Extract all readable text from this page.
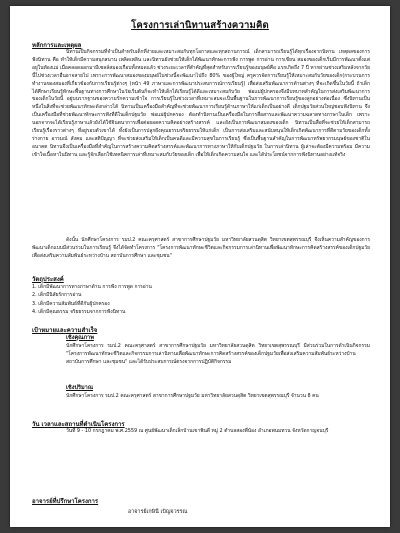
โครงการเล่านิทานสร้างความคิด
หลักการและเหตุผล
นิทานเป็นกิจกรรมที่จำเป็นสำหรับเด็กที่ง่ายและเหมาะสมกับทุกโอกาสและทุกสถานการณ์ เด็กสามารถเรียนรู้ได้ทุกเรื่องจากนิทาน เหตุผลของการฟังนิทาน คือ ทำให้เด็กมีความสนุกสนาน เพลิดเพลิน และนิทานยังช่วยให้เด็กได้พัฒนาทักษะการฟัง การพูด การอ่าน การเขียน สมองของเด็กเริ่มมีการพัฒนาตั้งแต่อยู่ในท้องแม่ เมื่อคลอดออกมามีเซลล์สมองเกือบทั้งหมดแล้ว ช่วงระยะเวลาที่สำคัญที่สุดสำหรับการเรียนรู้ของมนุษย์คือ แรกเกิดถึง 7 ปี หากผ่านช่วงเสริมหลังจากวัยนี้ไปช่วงเวลาอื่นอาจสายไป เพราะการพัฒนาสมองของมนุษย์ในช่วงนี้จะพัฒนาไปถึง 80% ของผู้ใหญ่ ครูควรจัดการเรียนรู้ให้เหมาะสมกับวัยของเด็ก(กระบวนการทำงานของสมองที่เกี่ยวข้องกับการเรียนรู้ต่างๆ (หน้า 49 ภาษาและการพัฒนาประสบการณ์การเรียนรู้) เพื่อส่งเสริมพัฒนาการด้านต่างๆ ที่จะเกิดขึ้นในวัยนี้ ถ้าเด็กได้ศึกษาเรียนรู้ทักษะพื้นฐานทางการศึกษาในวัยเริ่มต้นก็จะทำให้เด็กได้เรียนรู้ได้ดีและเหมาะสมกับวัย พ่อแม่ผู้ปกครองจึงมีบทบาทสำคัญในการส่งเสริมพัฒนาการของเด็กในวัยนี้ อยู่บนรากฐานของความรักความเข้าใจ การเรียนรู้ในช่วงเวลาที่เหมาะสมจะเป็นพื้นฐานในการพัฒนาการเรียนรู้ของลูกอย่างต่อเนื่อง ซึ่งนิทานเป็นหนึ่งในสิ่งที่จะช่วยพัฒนาทักษะดังกล่าวได้ นิทานเป็นเครื่องมือสำคัญที่จะช่วยพัฒนาการเรียนรู้ด้านภาษาให้แก่เด็กเป็นอย่างดี เด็กปฐมวัยส่วนใหญ่ชอบฟังนิทาน จึงเป็นเครื่องมือที่ช่วยพัฒนาทักษะการฟังที่ดีในเด็กปฐมวัย พ่อแม่ผู้ปกครอง ต้องทำนิทานเป็นเครื่องมือในการสื่อสารและพัฒนาความฉลาดทางภาษาในเด็ก เพราะนอกจากจะได้เรียนรู้ภาษาแล้วยังได้ใช้จินตนาการเพื่อต่อยอดความคิดอย่างสร้างสรรค์ และยังเป็นการพัฒนาสมองของเด็ก นิทานเป็นสื่อที่จะช่วยให้เด็กสามารถเรียนรู้เรื่องราวต่างๆ ที่อยู่รอบตัวเขาได้ ทั้งยังเป็นการปลูกฝังคุณธรรมจริยธรรมให้แก่เด็ก เป็นการส่งเสริมและสนับสนุนให้เด็กเกิดพัฒนาการที่ดีตามวัยของเด็กทั้งร่างกาย อารมณ์ สังคม และสติปัญญา ที่จะช่วยส่งเสริมให้เด็กเป็นคนดีและมีความสุขในการเรียนรู้ ซึ่งเป็นพื้นฐานสำคัญในการพัฒนาทรัพยากรมนุษย์ของชาติในอนาคต นิทานจึงเป็นเครื่องมือที่สำคัญในการสร้างความคิดสร้างสรรค์และพัฒนาการทางภาษาให้กับเด็กปฐมวัย ในการเล่านิทาน ผู้เล่าจะต้องมีความพร้อม มีความเข้าใจเนื้อหาในนิทาน และรู้จักเลือกใช้เทคนิคการเล่าที่เหมาะสมกับวัยของเด็ก เพื่อให้เด็กเกิดความสนใจ และได้ประโยชน์จากการฟังนิทานอย่างแท้จริง
ดังนั้น นักศึกษาโครงการ รมป.2 คณะครุศาสตร์ สาขาการศึกษาปฐมวัย มหาวิทยาลัยสวนดุสิต วิทยาเขตสุพรรณบุรี จึงเห็นความสำคัญของการพัฒนาเด็กแบบมีส่วนร่วมในการเรียนรู้ จึงได้จัดทำโครงการ "โครงการพัฒนาทักษะชีวิตและกิจกรรมการเล่านิทานเพื่อพัฒนาทักษะการคิดสร้างสรรค์ของเด็กปฐมวัย เพื่อส่งเสริมความสัมพันธ์ระหว่างบ้าน สถาบันการศึกษา และชุมชน"
วัตถุประสงค์
1. เด็กมีพัฒนาการทางภาษาด้าน การฟัง การพูด การอ่าน
2. เด็กมีนิสัยรักการอ่าน
3. เด็กมีความสัมพันธ์ที่ดีกับผู้ปกครอง
4. เด็กมีคุณธรรม จริยธรรมจากการฟังนิทาน
เป้าหมายและความสำเร็จ
เชิงคุณภาพ
นักศึกษาโครงการ รมป.2 คณะครุศาสตร์ สาขาการศึกษาปฐมวัย มหาวิทยาลัยสวนดุสิต วิทยาเขตสุพรรณบุรี มีส่วนร่วมในการดำเนินกิจกรรม "โครงการพัฒนาทักษะชีวิตและกิจกรรมการเล่านิทานเพื่อพัฒนาทักษะการคิดสร้างสรรค์ของเด็กปฐมวัยเพื่อส่งเสริมความสัมพันธ์ระหว่างบ้าน สถาบันการศึกษา และชุมชน" และได้รับประสบการณ์ตรงจากการปฏิบัติกิจกรรม
เชิงปริมาณ
นักศึกษาโครงการ รมป.2 คณะครุศาสตร์ สาขาการศึกษาปฐมวัย มหาวิทยาลัยสวนดุสิต วิทยาเขตสุพรรณบุรี จำนวน 8 คน
วัน เวลาและสถานที่ดำเนินโครงการ
วันที่ 9 - 10 กรกฎาคม พ.ศ.2559 ณ ศูนย์พัฒนาเด็กเล็กบ้านเขาพินดี หมู่ 2 ตำบลสองพี่น้อง อำเภอพนมทวน จังหวัดกาญจนบุรี
อาจารย์ที่ปรึกษาโครงการ
อาจารย์เกษินี เบิญจวรรณ
